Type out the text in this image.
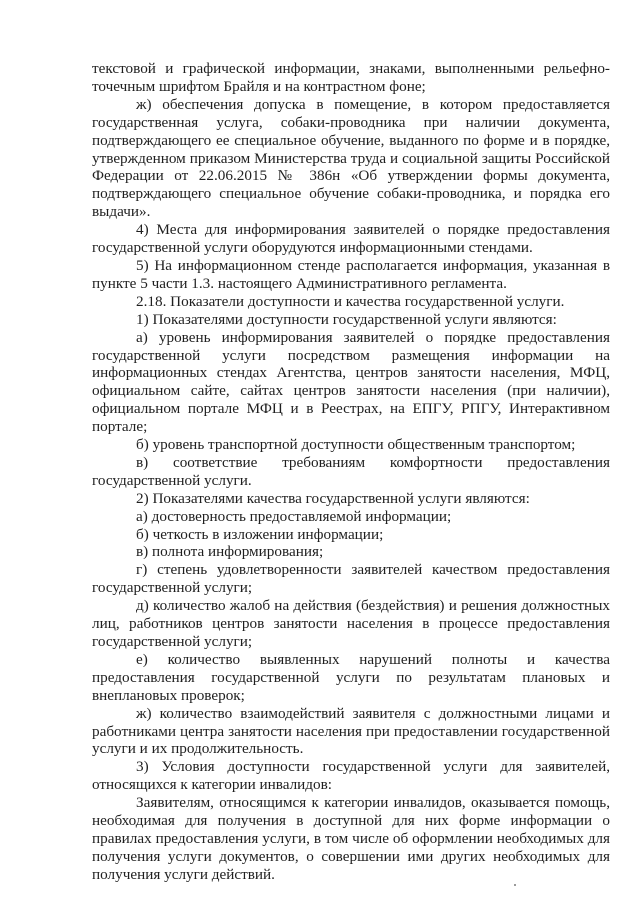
текстовой и графической информации, знаками, выполненными рельефно-точечным шрифтом Брайля и на контрастном фоне;

ж) обеспечения допуска в помещение, в котором предоставляется государственная услуга, собаки-проводника при наличии документа, подтверждающего ее специальное обучение, выданного по форме и в порядке, утвержденном приказом Министерства труда и социальной защиты Российской Федерации от 22.06.2015 № 386н «Об утверждении формы документа, подтверждающего специальное обучение собаки-проводника, и порядка его выдачи».

4) Места для информирования заявителей о порядке предоставления государственной услуги оборудуются информационными стендами.

5) На информационном стенде располагается информация, указанная в пункте 5 части 1.3. настоящего Административного регламента.

2.18. Показатели доступности и качества государственной услуги.

1) Показателями доступности государственной услуги являются:

а) уровень информирования заявителей о порядке предоставления государственной услуги посредством размещения информации на информационных стендах Агентства, центров занятости населения, МФЦ, официальном сайте, сайтах центров занятости населения (при наличии), официальном портале МФЦ и в Реестрах, на ЕПГУ, РПГУ, Интерактивном портале;

б) уровень транспортной доступности общественным транспортом;

в) соответствие требованиям комфортности предоставления государственной услуги.

2) Показателями качества государственной услуги являются:

а) достоверность предоставляемой информации;

б) четкость в изложении информации;

в) полнота информирования;

г) степень удовлетворенности заявителей качеством предоставления государственной услуги;

д) количество жалоб на действия (бездействия) и решения должностных лиц, работников центров занятости населения в процессе предоставления государственной услуги;

е) количество выявленных нарушений полноты и качества предоставления государственной услуги по результатам плановых и внеплановых проверок;

ж) количество взаимодействий заявителя с должностными лицами и работниками центра занятости населения при предоставлении государственной услуги и их продолжительность.

3) Условия доступности государственной услуги для заявителей, относящихся к категории инвалидов:

Заявителям, относящимся к категории инвалидов, оказывается помощь, необходимая для получения в доступной для них форме информации о правилах предоставления услуги, в том числе об оформлении необходимых для получения услуги документов, о совершении ими других необходимых для получения услуги действий.
